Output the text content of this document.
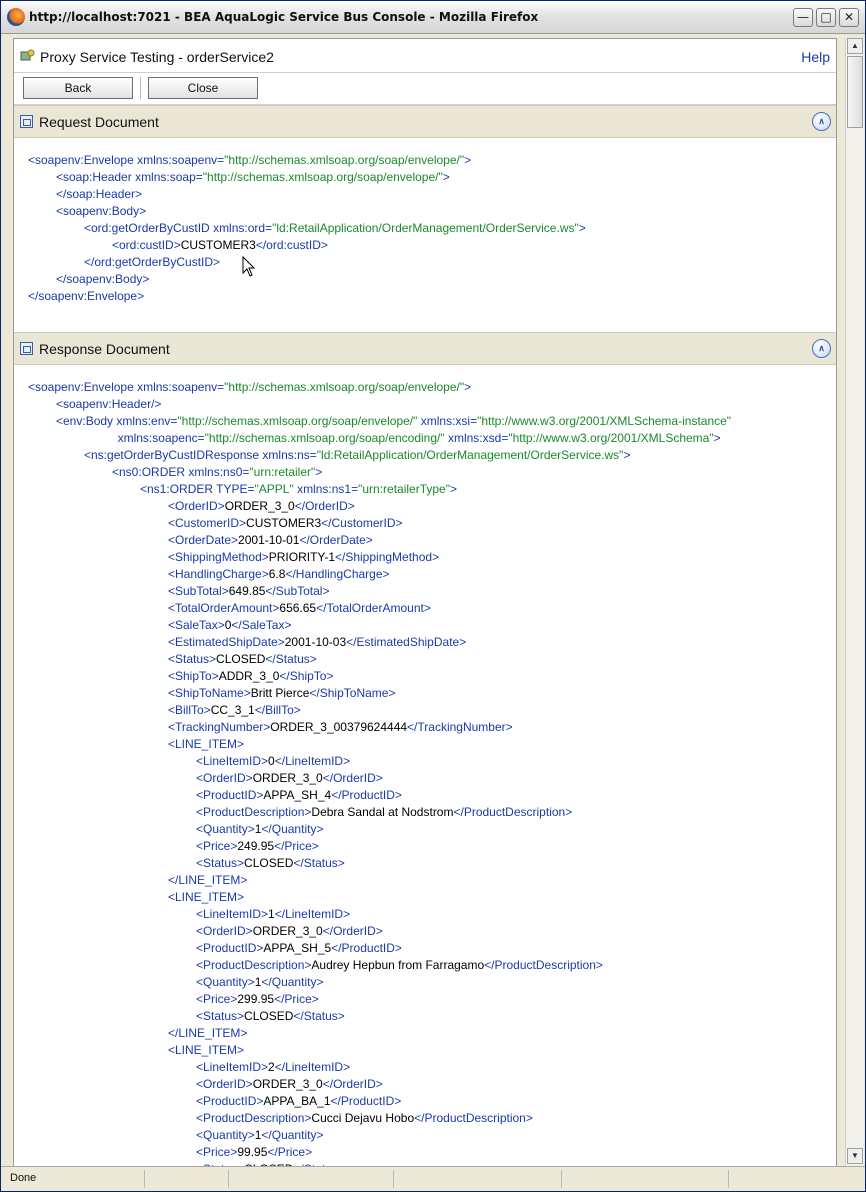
http://localhost:7021 - BEA AquaLogic Service Bus Console - Mozilla Firefox	— □	✕
Proxy Service Testing - orderService2	Help
Back	Close
Request Document	∧
<soapenv:Envelope xmlns:soapenv="http://schemas.xmlsoap.org/soap/envelope/">
<soap:Header xmlns:soap="http://schemas.xmlsoap.org/soap/envelope/">
</soap:Header>
<soapenv:Body>
<ord:getOrderByCustID xmlns:ord="ld:RetailApplication/OrderManagement/OrderService.ws">
<ord:custID>CUSTOMER3</ord:custID>
</ord:getOrderByCustID>
</soapenv:Body>
</soapenv:Envelope>
Response Document	∧
<soapenv:Envelope xmlns:soapenv="http://schemas.xmlsoap.org/soap/envelope/">
<soapenv:Header/>
<env:Body xmlns:env="http://schemas.xmlsoap.org/soap/envelope/" xmlns:xsi="http://www.w3.org/2001/XMLSchema-instance"
xmlns:soapenc="http://schemas.xmlsoap.org/soap/encoding/" xmlns:xsd="http://www.w3.org/2001/XMLSchema">
<ns:getOrderByCustIDResponse xmlns:ns="ld:RetailApplication/OrderManagement/OrderService.ws">
<ns0:ORDER xmlns:ns0="urn:retailer">
<ns1:ORDER TYPE="APPL" xmlns:ns1="urn:retailerType">
<OrderID>ORDER_3_0</OrderID>
<CustomerID>CUSTOMER3</CustomerID>
<OrderDate>2001-10-01</OrderDate>
<ShippingMethod>PRIORITY-1</ShippingMethod>
<HandlingCharge>6.8</HandlingCharge>
<SubTotal>649.85</SubTotal>
<TotalOrderAmount>656.65</TotalOrderAmount>
<SaleTax>0</SaleTax>
<EstimatedShipDate>2001-10-03</EstimatedShipDate>
<Status>CLOSED</Status>
<ShipTo>ADDR_3_0</ShipTo>
<ShipToName>Britt Pierce</ShipToName>
<BillTo>CC_3_1</BillTo>
<TrackingNumber>ORDER_3_00379624444</TrackingNumber>
<LINE_ITEM>
<LineItemID>0</LineItemID>
<OrderID>ORDER_3_0</OrderID>
<ProductID>APPA_SH_4</ProductID>
<ProductDescription>Debra Sandal at Nodstrom</ProductDescription>
<Quantity>1</Quantity>
<Price>249.95</Price>
<Status>CLOSED</Status>
</LINE_ITEM>
<LINE_ITEM>
<LineItemID>1</LineItemID>
<OrderID>ORDER_3_0</OrderID>
<ProductID>APPA_SH_5</ProductID>
<ProductDescription>Audrey Hepbun from Farragamo</ProductDescription>
<Quantity>1</Quantity>
<Price>299.95</Price>
<Status>CLOSED</Status>
</LINE_ITEM>
<LINE_ITEM>
<LineItemID>2</LineItemID>
<OrderID>ORDER_3_0</OrderID>
<ProductID>APPA_BA_1</ProductID>
<ProductDescription>Cucci Dejavu Hobo</ProductDescription>
<Quantity>1</Quantity>
<Price>99.95</Price>
▲
▼
Done
